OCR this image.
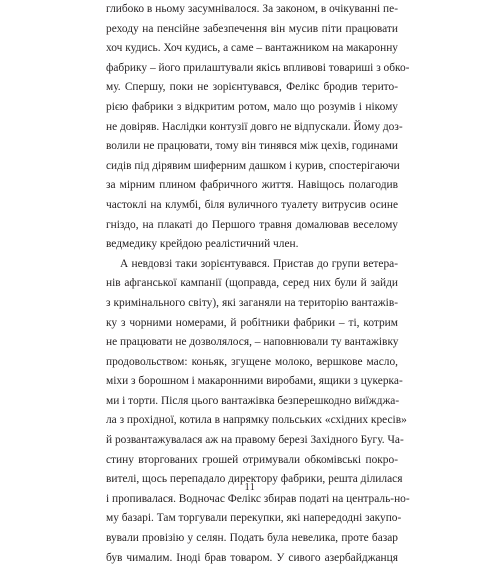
глибоко в ньому засумнівалося. За законом, в очікуванні пе-
реходу на пенсійне забезпечення він мусив піти працювати
хоч кудись. Хоч кудись, а саме – вантажником на макаронну
фабрику – його прилаштували якісь впливові товариші з обко-
му. Спершу, поки не зорієнтувався, Фелікс бродив терито-
рією фабрики з відкритим ротом, мало що розумів і нікому
не довіряв. Наслідки контузії довго не відпускали. Йому доз-
волили не працювати, тому він тинявся між цехів, годинами
сидів під дірявим шиферним дашком і курив, спостерігаючи
за мірним плином фабричного життя. Навіщось полагодив
частоклі на клумбі, біля вуличного туалету витрусив осине
гніздо, на плакаті до Першого травня домалював веселому
ведмедику крейдою реалістичний член.
А невдовзі таки зорієнтувався. Пристав до групи ветера-
нів афганської кампанії (щоправда, серед них були й зайди
з кримінального світу), які заганяли на територію вантажів-
ку з чорними номерами, й робітники фабрики – ті, котрим
не працювати не дозволялося, – наповнювали ту вантажівку
продовольством: коньяк, згущене молоко, вершкове масло,
міхи з борошном і макаронними виробами, ящики з цукерка-
ми і торти. Після цього вантажівка безперешкодно виїжджа-
ла з прохідної, котила в напрямку польських «східних кресів»
й розвантажувалася аж на правому березі Західного Бугу. Ча-
стину вторгованих грошей отримували обкомівські покро-
вителі, щось перепадало директору фабрики, решта ділилася
і пропивалася. Водночас Фелікс збирав податі на централь-но-
му базарі. Там торгували перекупки, які напередодні закупо-
вували провізію у селян. Подать була невелика, проте базар
був чималим. Іноді брав товаром. У сивого азербайджанця
11
